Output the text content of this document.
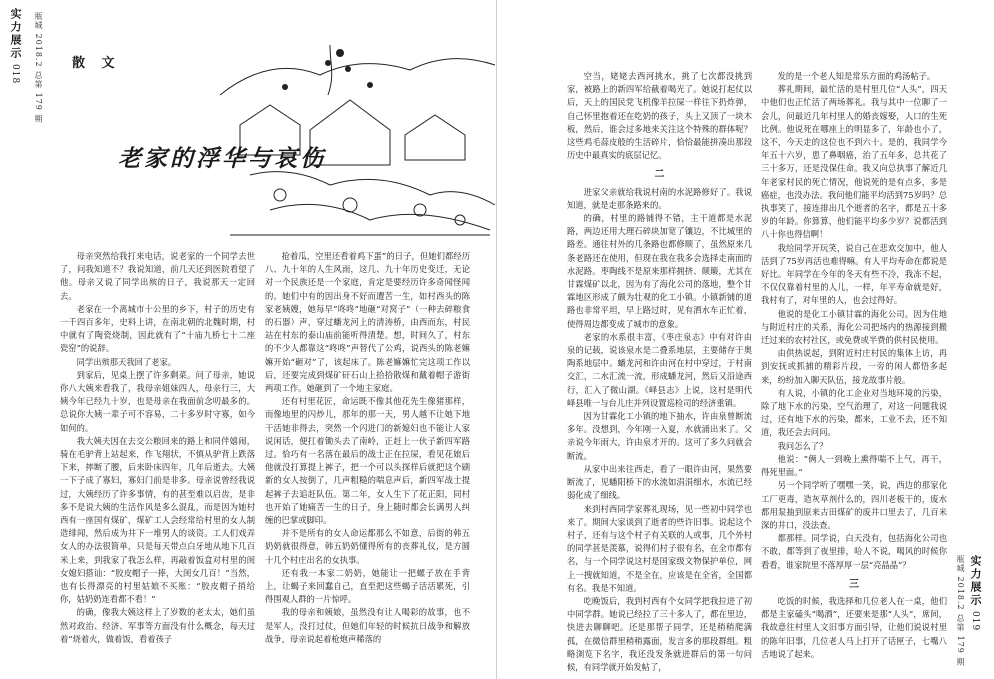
实力展示
018	瓶城 2018.2 总第 179 期 散 文
老家的浮华与哀伤

母亲突然给我打来电话，说老家的一个同学去世了，问我知道不？我说知道，前几天还到医院看望了他。母亲又说了同学出殡的日子，我说那天一定回去。

老家在一个离城市十公里的乡下，村子的历史有一千四百多年，史料上讲，在南北朝的北魏时期，村中就有了陶瓷烧制，因此就有了“十庙九桥七十二座瓷窑”的说辞。

同学出殡那天我回了老家。

到家后，见桌上摆了许多剩菜。问了母亲，她说你八大姨来看我了，我母亲姐妹四人，母亲行三，大姨今年已经九十岁，也是母亲在我面前念叨最多的。总说你大姨一辈子可不容易，二十多岁时守寡，如今如何的。

我大姨夫因在去交公粮回来的路上和同伴嬉闹，骑在毛驴背上站起来，作飞翔状，不慎从驴背上跌落下来，摔断了腰，后来卧床四年，几年后逝去。大姨一下子成了寡妇，寡妇门前是非多。母亲说曾经我说过，大姨经历了许多事情，有的甚至难以启齿，是非多不是说大姨的生活作风是多么混乱，而是因为她村西有一座国有煤矿，煤矿工人会经常给村里的女人制造绯闻，然后成为井下一堆男人的谈资。工人们戏弄女人的办法很简单，只是每天带点白牙地从地下几百米上来，到我家了我怎么样，再敲着饭盒对村里的闺女媳妇搭讪：“胶皮帽子一捧，大闺女几百！”当然，也有长得漂亮的村里姑娘不买账：“胶皮帽子捎给你，姑奶奶连看都不看！”

的确，像我大姨这样上了岁数的老太太，她们虽然对政治、经济、军事等方面没有什么概念，每天过着“烧着火，做着饭，看着孩子

抢着瓜，空里还看着鸡下蛋”的日子，但她们都经历八、九十年的人生风雨，这几、九十年历史变迁，无论对一个民族还是一个家庭，肯定是要经历许多奇闻怪闻的。她们中有的因出身不好而遭苦一生，如村西头的陈家老姨嫂，她每早“咚咚”地砸“对窝子”（一种去碎粮食的石器）声，穿过蟠龙河上的清涛桥，由西而东，村民站在村东的泰山庙前能听得清楚。想，时间久了，村东的不少人都靠这“咚咚”声替代了公鸡，说西头的陈老嫲嫲开始“砸对”了，该起床了。陈老嫲嫲忙完这项工作以后，还要完成到煤矿矸石山上拾拾散煤和戴着帽子游街两项工作。她砸到了一个地主家庭。

还有村里花匠，命运既不像其他花先生像猪那样，而像地里的闪炒儿，那年的那一天，男人越不让她下地干活她非得去，突然一个闪进门的新媳妇也不能让人家说闲话，便扛着锄头去了南岭，正赶上一伙子新四军路过。恰巧有一名落在最后的战士正在拉屎，看见花娘后他就没打算提上裤子，把一个可以头探样后就把这个刷新的女人按倒了，几声粗糙的喘息声后，新四军战士提起裤子去追赶队伍。第二年，女人生下了花正阳，同村也开始了她痛苦一生的日子，身上随时都会长满男人纠缠的巴掌或脚印。

并不是所有的女人命运都那么不如意，后街的韩五奶奶就很得意，韩五奶奶懂得所有的丧葬礼仪，是方圆十几个村庄出名的女执事。

还有我一本家二奶奶，她能让一把螺子放在手背上，让蝎子来回蠢自己，直至把这些蝎子活活累死，引得围观人群的一片惊呼。

我的母亲和姨娘，虽然没有让人喝彩的故事，也不是军人，没打过仗，但她们年轻的时候抗日战争和解放战争，母亲说起着枪炮声稀落的

空当，姥姥去西河挑水，挑了七次都没挑到家，被路上的新四军给截着喝光了。她说打起仗以后，天上的国民党飞机像羊拉屎一样往下扔炸弹，自己怀里抱着还在吃奶的孩子，头上又顶了一块木板，然后，谁会过多地来关注这个特殊的群体呢？这些鸡毛蒜皮般的生活碎片，恰恰最能拼凑出那段历史中最真实的底层记忆。

二

进家父亲就给我说村南的水泥路修好了。我说知道，就是走那条路来的。

的确，村里的路铺得不错，主干道都是水泥路，两边还用大理石碎块加宽了镶边，不比城里的路差。通往村外的几条路也都修顺了，虽然原来几条老路还在使用，但现在我在我多会选择走南面的水泥路。枣陶线不是原来那样拥挤、颠簸，尤其在甘霖煤矿以北，因为有了海化公司的落地，整个甘霖地区形成了颇为壮观的化工小镇。小镇新铺的道路也非常平坦，早上路过时，见有洒水车正忙着，使得周边都变成了城市的意象。

老家的水系很丰富，《枣庄泉志》中有对许由泉的记载，说该泉水是二叠系地层，主要储存于奥陶系地层中。蟠龙河和许由河在村中穿过，于村南交汇，二水汇流一流，形成蟠龙河，然后又沿途西行，汇入了微山湖。《峄县志》上说，这村是明代峄县唯一与台儿庄并列设置巡检司的经济重镇。

因为甘霖化工小镇的地下抽水，许由泉曾断流多年。没想到，今年刚一入夏，水就涌出来了。父亲说今年雨大，许由泉才开的。这可了多久问就会断流。

从家中出来往西走，看了一眼许由河，果然要断流了，见蟠阳桥下的水流如涓涓细水，水流已经弱化成了细线。

来到村西同学家葬礼现场，见一些初中同学也来了。期间大家谈到了逝者的些许旧事。说起这个村子，还有与这个村子有关联的人或事，几个外村的同学甚是羡慕，说得们村子很有名，在全市都有名，与一个同学说这村是国家级文物保护单位，网上一搜就知道，不是全在，应该是在全省，全国都有名。我是不知道。

吃晚饭后，我到村西有个女同学把我拉进了初中同学群。她说已经拉了三十多人了，都在里边，快进去聊聊吧。还是那帮子同学，还是稍稍爬满孤，在微信群里稍稍露面，发言多的那段群组。粗略浏览下名字，我还没发条就进群后的第一句问候，有同学就开始发帖了，

发的是一个老人知是常乐方面的鸡汤帖子。

葬礼期间，最忙活的是村里几位“人头”，四天中他们也正忙活了两场葬礼。我与其中一位聊了一会儿，问最近几年村里人的婚丧嫁娶，人口的生死比例。他说死在哪座上的明显多了，年龄也小了，这不，今天走的这位也不到六十。是的，我同学今年五十六岁，患了鼻咽癌，治了五年多，总共花了三十多万，还是没保住命。我又向总执事了解近几年老家村民的死亡情况，他说死的是有点多，多是癌症，也没办法。我问他们能平均活到75岁吗？总执事笑了，接连排出几个逝者的名字，都是五十多岁的年龄。你算算，他们能平均多少岁？说都活到八十你也得信啊！

我给同学开玩笑，说自己在悲欢交加中，他人活到了75岁再活也难得嘛。有人平均寿命在都说是好比。年同学在今年的冬天有些不冷，我冻不起，不仅仅靠着村里的人儿，一样，年平寿命就是好，我村有了，对年里的人，也会过得好。

他说的是化工小镇甘霖的海化公司。因为住地与附近村庄的关系，海化公司把场内的热源接到搬迁过来的农村社区，或免费或半费的供村民使用。

由供热说起，到附近村庄村民的集体上访，再到安抚或抓捕的精彩片段，一旁的闲人都悟多起来，纷纷加入聊天队伍，接龙故事片般。

有人说，小镇的化工企业对当地环境的污染，除了地下水的污染，空气治理了，对这一问题我说过，还有地下水的污染，都来，工业不去，还不知道，我还会去问问。

我问怎么了？

他说：“俩人一到晚上熏得喘不上气，再干，得死里面。”

另一个同学听了嘿嘿一笑，说，西边的那家化工厂更毒，造灰草剂什么的，四川老板干的，废水都用泵抽到原来古田煤矿的废井口里去了，几百米深的井口，没法查。

都那样。同学说，白天没有，包括海化公司也不敢，都等到了夜里排，哈人不说，喝风的时候你看看，谁家院里不落厚厚一层“亮晶晶”？

三

吃饭的时候，我选择和几位老人在一桌，他们都是主家磕头“喝酒”，还要来是那“人头”，席间，我故意往村里人文旧事方面引导，让他们说说村里的陈年旧事，几位老人马上打开了话匣子，七嘴八舌地说了起来。	瓶城 2018.2 总第 179 期 实力展示
019
